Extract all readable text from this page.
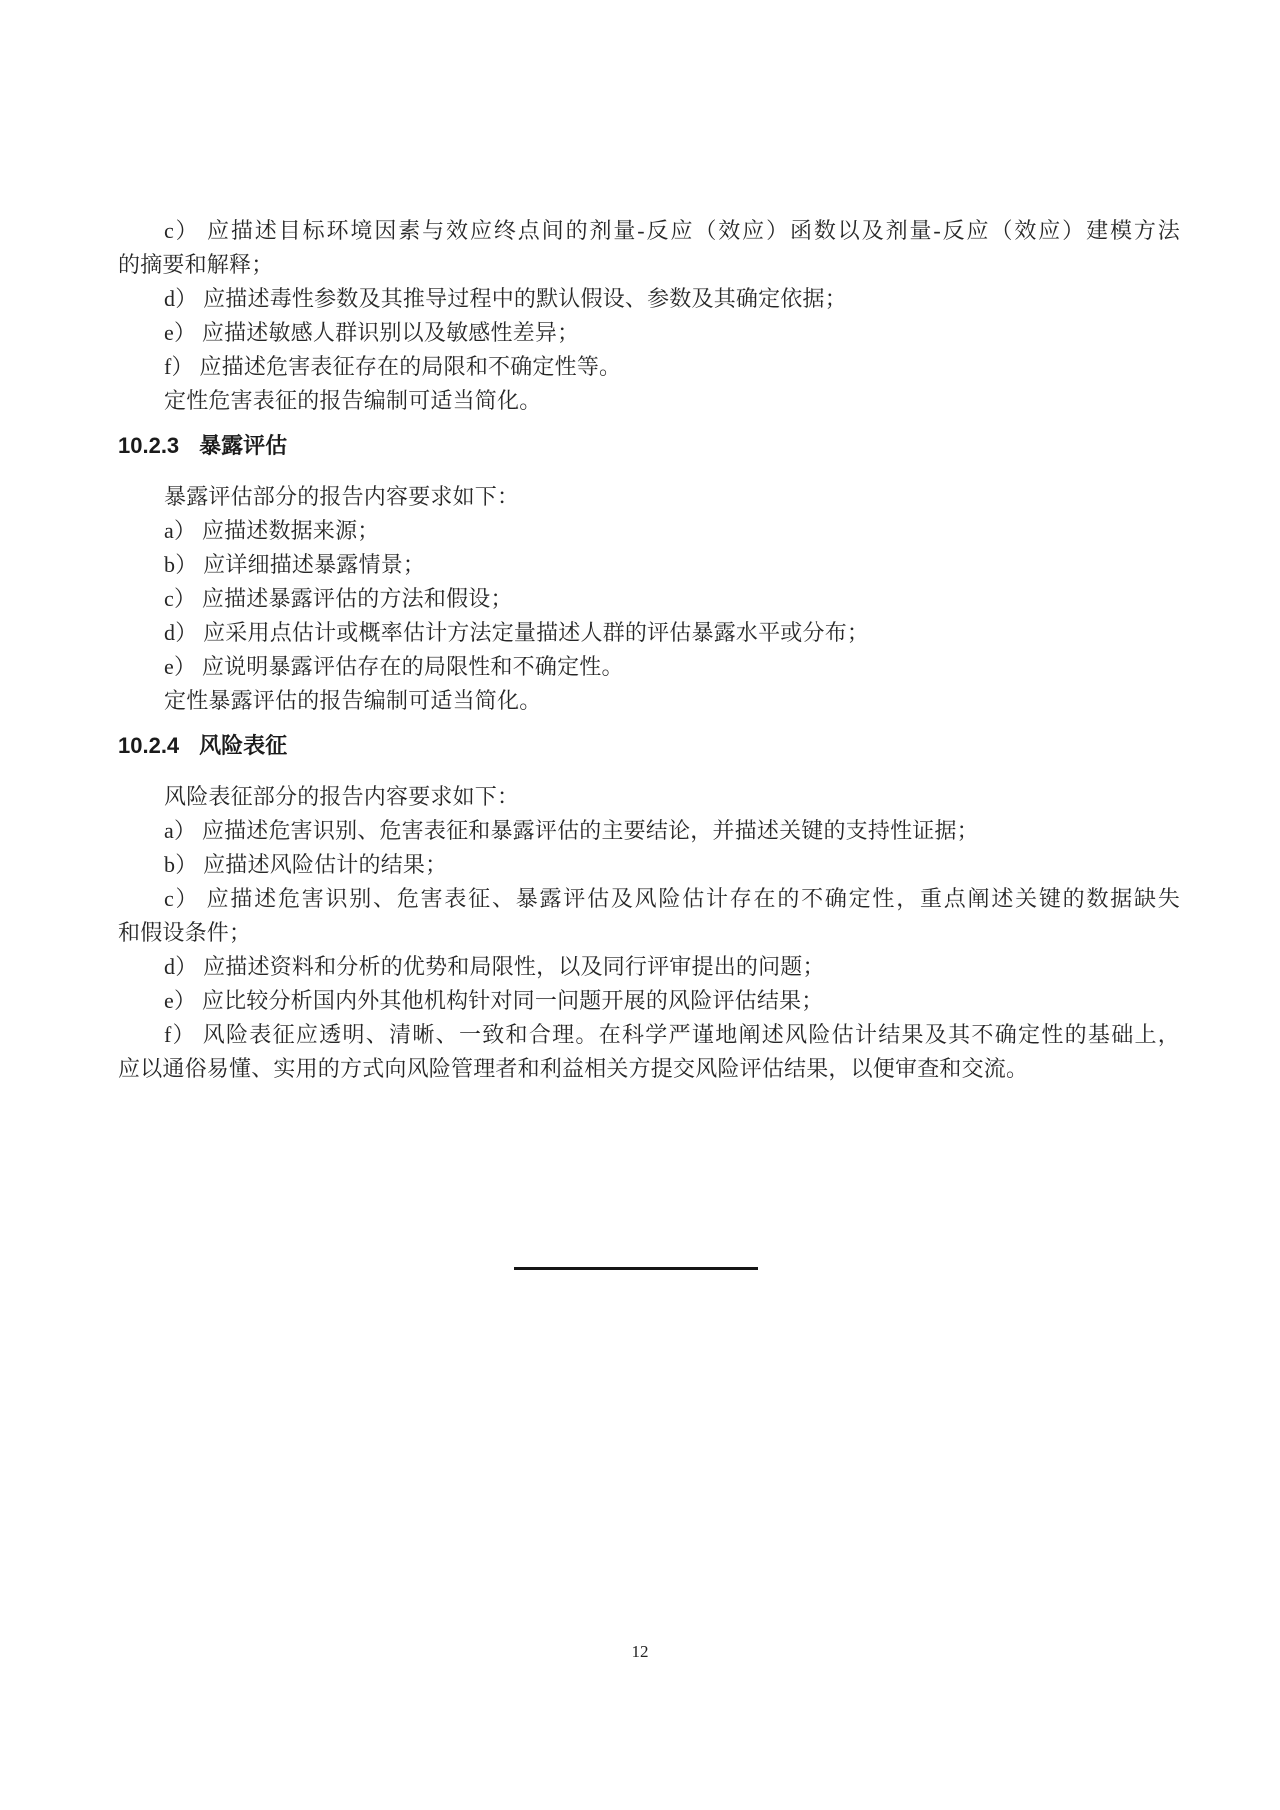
c） 应描述目标环境因素与效应终点间的剂量-反应（效应）函数以及剂量-反应（效应）建模方法

的摘要和解释；

d） 应描述毒性参数及其推导过程中的默认假设、参数及其确定依据；

e） 应描述敏感人群识别以及敏感性差异；

f） 应描述危害表征存在的局限和不确定性等。

定性危害表征的报告编制可适当简化。

10.2.3 暴露评估

暴露评估部分的报告内容要求如下：

a） 应描述数据来源；

b） 应详细描述暴露情景；

c） 应描述暴露评估的方法和假设；

d） 应采用点估计或概率估计方法定量描述人群的评估暴露水平或分布；

e） 应说明暴露评估存在的局限性和不确定性。

定性暴露评估的报告编制可适当简化。

10.2.4 风险表征

风险表征部分的报告内容要求如下：

a） 应描述危害识别、危害表征和暴露评估的主要结论，并描述关键的支持性证据；

b） 应描述风险估计的结果；

c） 应描述危害识别、危害表征、暴露评估及风险估计存在的不确定性，重点阐述关键的数据缺失

和假设条件；

d） 应描述资料和分析的优势和局限性，以及同行评审提出的问题；

e） 应比较分析国内外其他机构针对同一问题开展的风险评估结果；

f） 风险表征应透明、清晰、一致和合理。在科学严谨地阐述风险估计结果及其不确定性的基础上，

应以通俗易懂、实用的方式向风险管理者和利益相关方提交风险评估结果，以便审查和交流。

12
